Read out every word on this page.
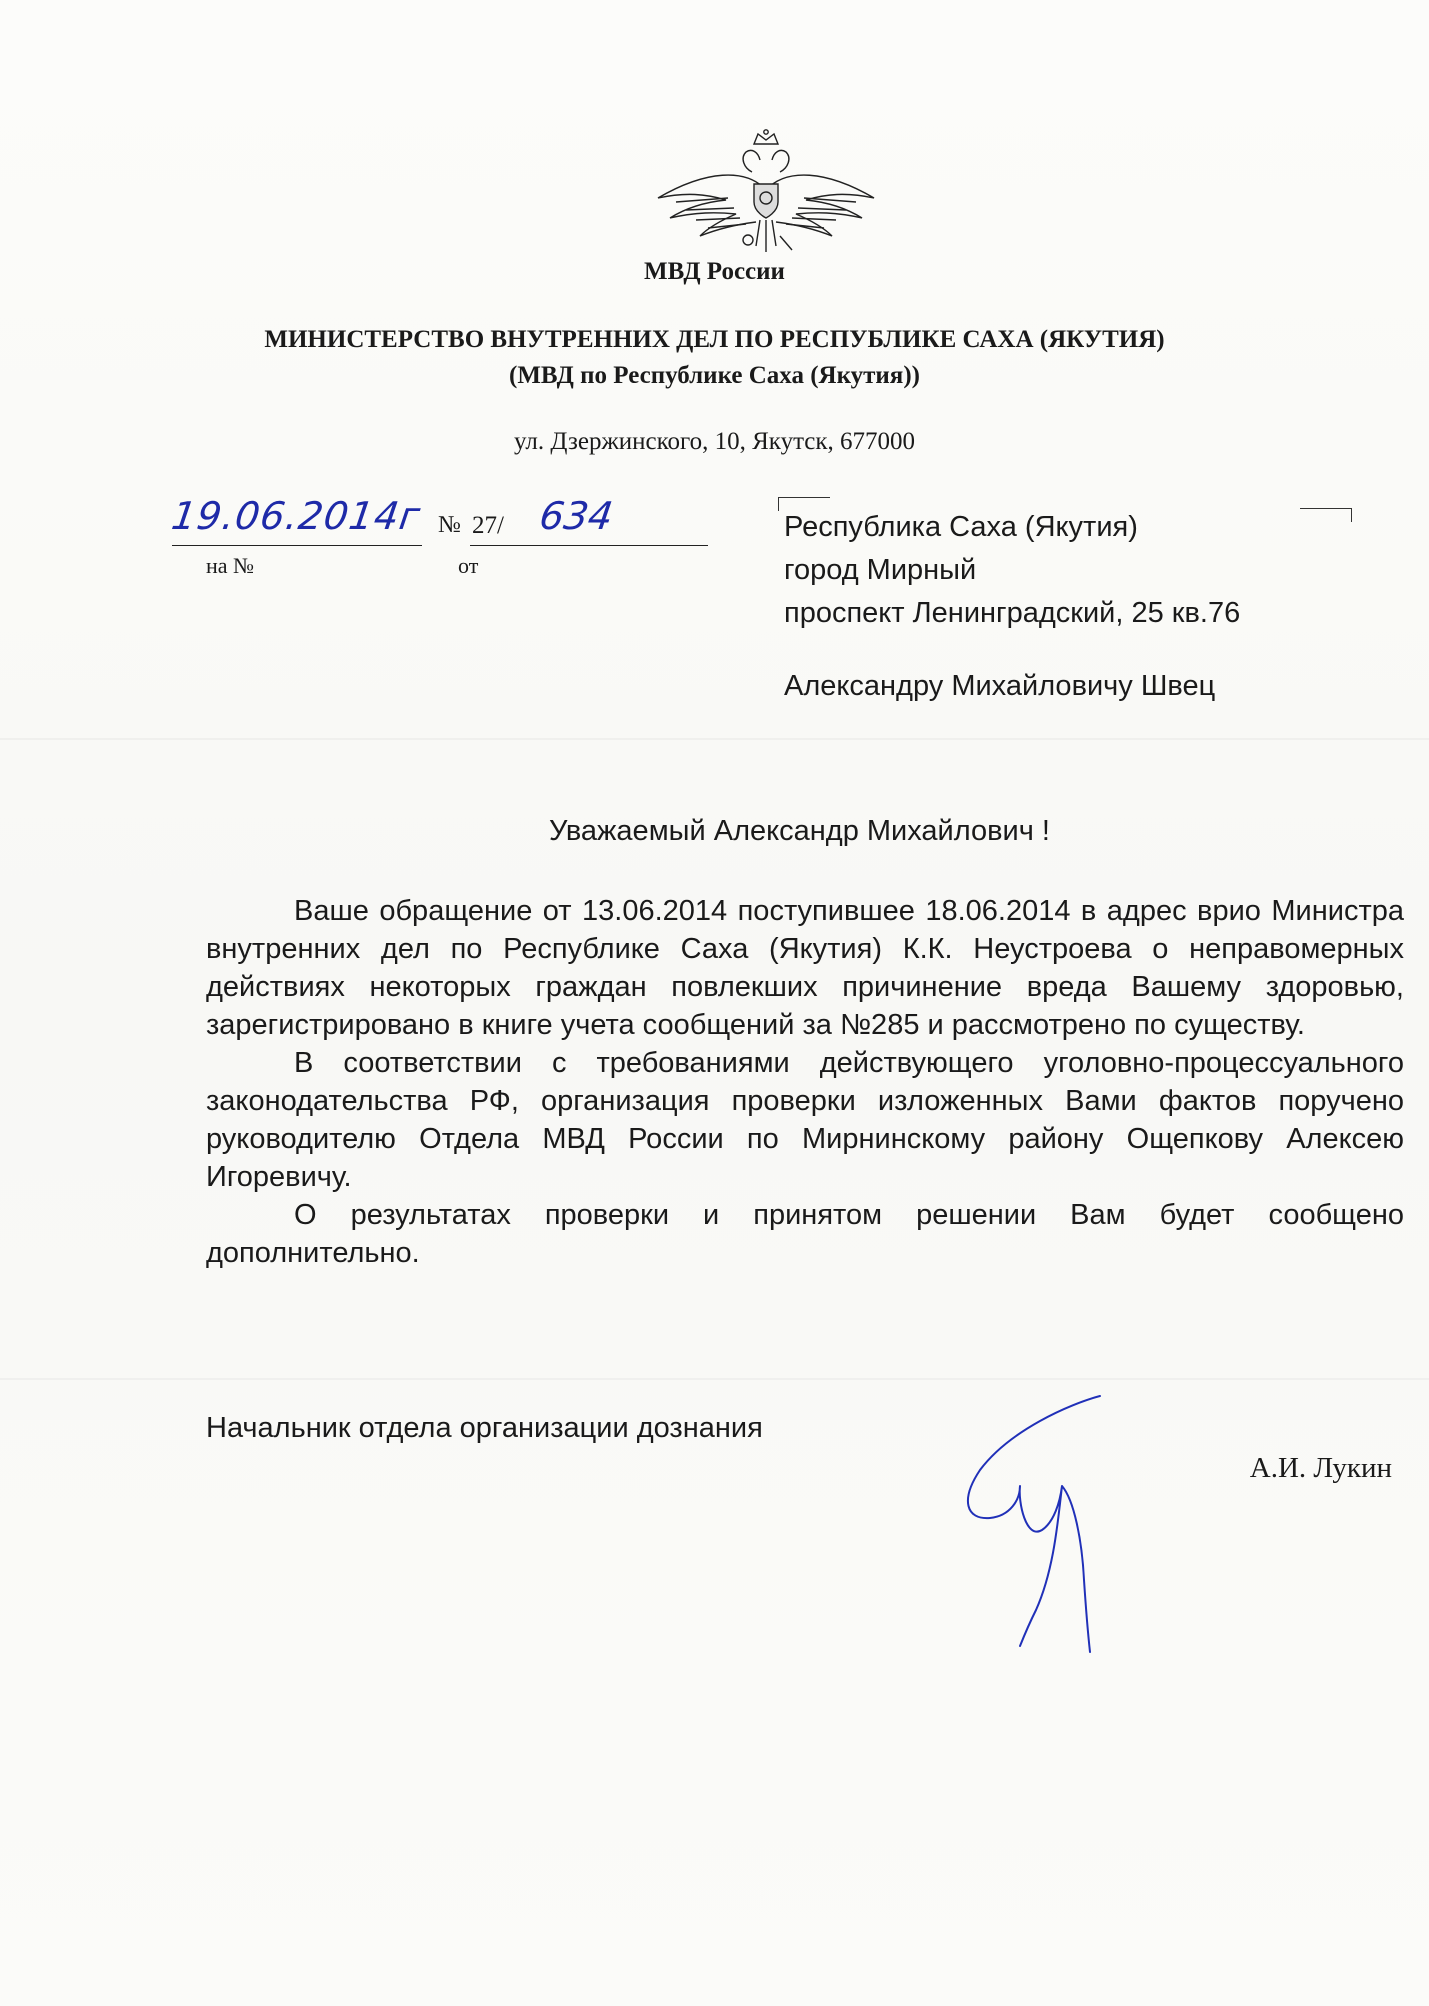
МВД России
МИНИСТЕРСТВО ВНУТРЕННИХ ДЕЛ ПО РЕСПУБЛИКЕ САХА (ЯКУТИЯ)
(МВД по Республике Саха (Якутия))
ул. Дзержинского, 10, Якутск, 677000
19.06.2014г № 27/ 634
на №	от
Республика Саха (Якутия)
город Мирный
проспект Ленинградский, 25 кв.76
Александру Михайловичу Швец
Уважаемый Александр Михайлович !

Ваше обращение от 13.06.2014 поступившее 18.06.2014 в адрес врио Министра внутренних дел по Республике Саха (Якутия) К.К. Неустроева о неправомерных действиях некоторых граждан повлекших причинение вреда Вашему здоровью, зарегистрировано в книге учета сообщений за №285 и рассмотрено по существу.

В соответствии с требованиями действующего уголовно-процессуального законодательства РФ, организация проверки изложенных Вами фактов поручено руководителю Отдела МВД России по Мирнинскому району Ощепкову Алексею Игоревичу.

О результатах проверки и принятом решении Вам будет сообщено дополнительно.

Начальник отдела организации дознания
А.И. Лукин
